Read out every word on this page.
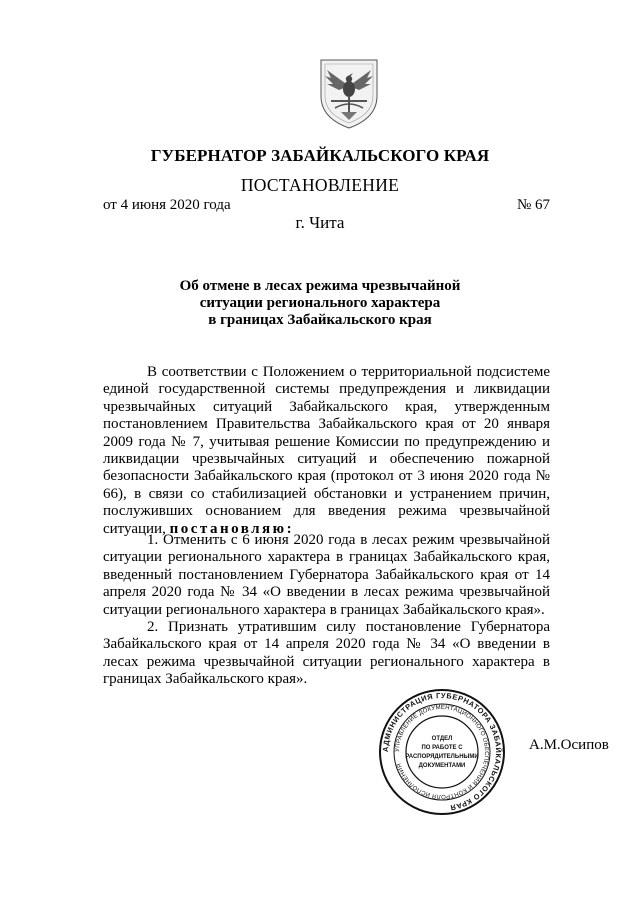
ГУБЕРНАТОР ЗАБАЙКАЛЬСКОГО КРАЯ
ПОСТАНОВЛЕНИЕ
от 4 июня 2020 года	№ 67
г. Чита
Об отмене в лесах режима чрезвычайной
ситуации регионального характера
в границах Забайкальского края

В соответствии с Положением о территориальной подсистеме единой государственной системы предупреждения и ликвидации чрезвычайных ситуаций Забайкальского края, утвержденным постановлением Правительства Забайкальского края от 20 января 2009 года № 7, учитывая решение Комиссии по предупреждению и ликвидации чрезвычайных ситуаций и обеспечению пожарной безопасности Забайкальского края (протокол от 3 июня 2020 года № 66), в связи со стабилизацией обстановки и устранением причин, послуживших основанием для введения режима чрезвычайной ситуации, постановляю:

1. Отменить с 6 июня 2020 года в лесах режим чрезвычайной ситуации регионального характера в границах Забайкальского края, введенный постановлением Губернатора Забайкальского края от 14 апреля 2020 года № 34 «О введении в лесах режима чрезвычайной ситуации регионального характера в границах Забайкальского края».

2. Признать утратившим силу постановление Губернатора Забайкальского края от 14 апреля 2020 года № 34 «О введении в лесах режима чрезвычайной ситуации регионального характера в границах Забайкальского края».

АДМИНИСТРАЦИЯ ГУБЕРНАТОРА ЗАБАЙКАЛЬСКОГО КРАЯ
УПРАВЛЕНИЕ ДОКУМЕНТАЦИОННОГО ОБЕСПЕЧЕНИЯ И КОНТРОЛЯ ИСПОЛНЕНИЯ
ОТДЕЛ
ПО РАБОТЕ С
РАСПОРЯДИТЕЛЬНЫМИ
ДОКУМЕНТАМИ
А.М.Осипов
